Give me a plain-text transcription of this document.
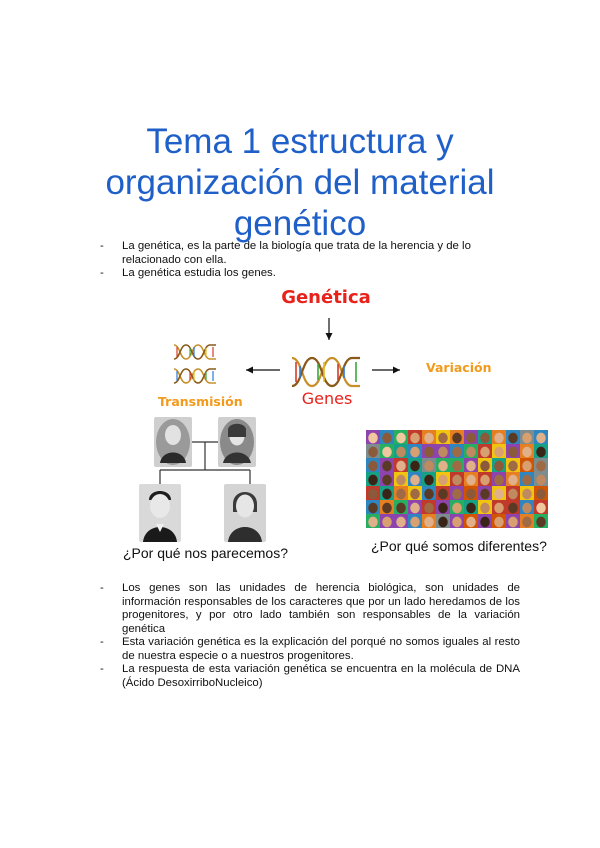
Tema 1 estructura y organización del material genético
- La genética, es la parte de la biología que trata de la herencia y de lo relacionado con ella.
- La genética estudia los genes.
Genética
Genes
Variación
Transmisión
¿Por qué nos parecemos?	¿Por qué somos diferentes?
- Los genes son las unidades de herencia biológica, son unidades de información responsables de los caracteres que por un lado heredamos de los progenitores, y por otro lado también son responsables de la variación genética
- Esta variación genética es la explicación del porqué no somos iguales al resto de nuestra especie o a nuestros progenitores.
- La respuesta de esta variación genética se encuentra en la molécula de DNA (Ácido DesoxirriboNucleico)
